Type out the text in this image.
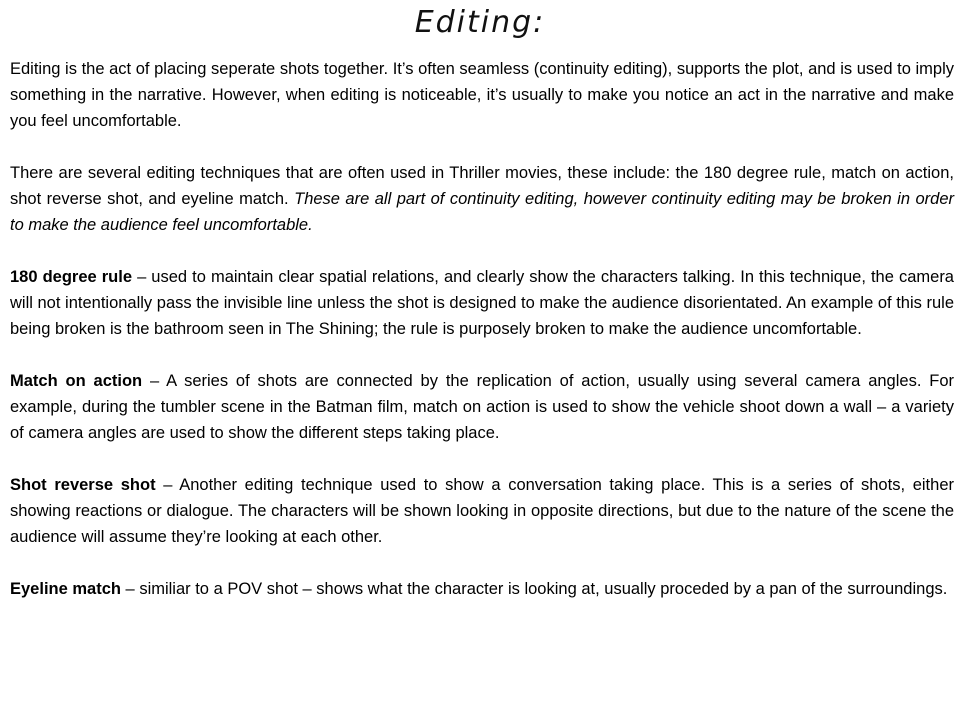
Editing:

Editing is the act of placing seperate shots together. It’s often seamless (continuity editing), supports the plot, and is used to imply something in the narrative. However, when editing is noticeable, it’s usually to make you notice an act in the narrative and make you feel uncomfortable.

There are several editing techniques that are often used in Thriller movies, these include: the 180 degree rule, match on action, shot reverse shot, and eyeline match. These are all part of continuity editing, however continuity editing may be broken in order to make the audience feel uncomfortable.

180 degree rule – used to maintain clear spatial relations, and clearly show the characters talking. In this technique, the camera will not intentionally pass the invisible line unless the shot is designed to make the audience disorientated. An example of this rule being broken is the bathroom seen in The Shining; the rule is purposely broken to make the audience uncomfortable.

Match on action – A series of shots are connected by the replication of action, usually using several camera angles. For example, during the tumbler scene in the Batman film, match on action is used to show the vehicle shoot down a wall – a variety of camera angles are used to show the different steps taking place.

Shot reverse shot – Another editing technique used to show a conversation taking place. This is a series of shots, either showing reactions or dialogue. The characters will be shown looking in opposite directions, but due to the nature of the scene the audience will assume they’re looking at each other.

Eyeline match – similiar to a POV shot – shows what the character is looking at, usually proceded by a pan of the surroundings.
